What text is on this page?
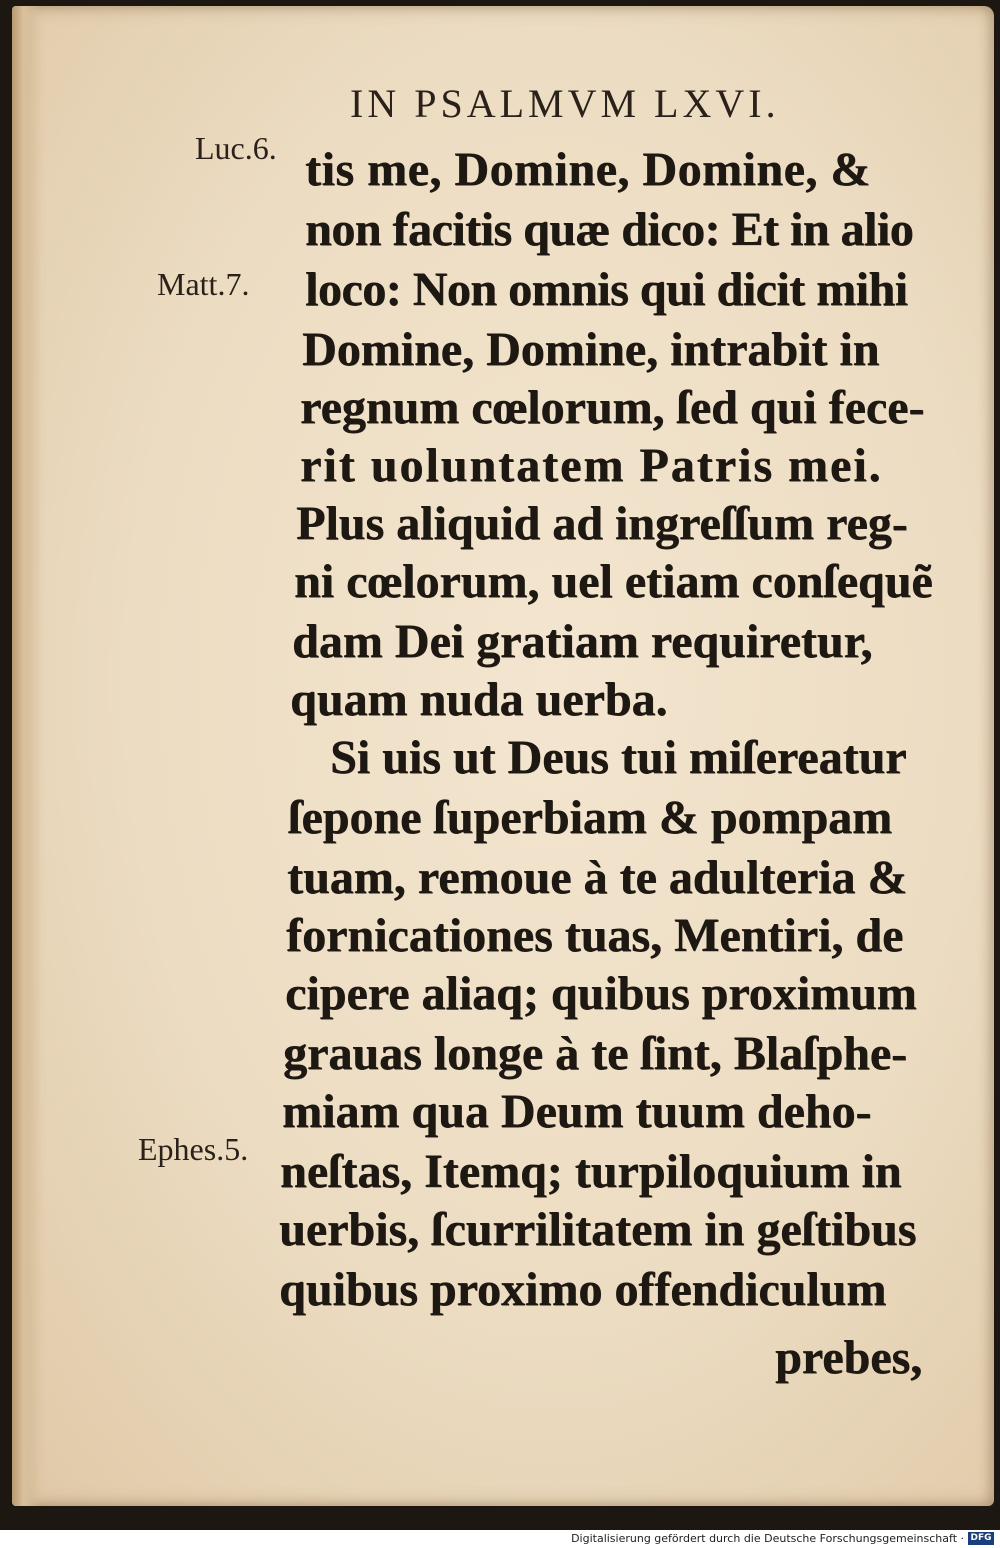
IN PSALMVM LXVI.
Luc.6.
Matt.7.
Ephes.5.
tis me, Domine, Domine, &
non facitis quæ dico: Et in alio
loco: Non omnis qui dicit mihi
Domine, Domine, intrabit in
regnum cœlorum, ſed qui fece-
rit uoluntatem Patris mei.
Plus aliquid ad ingreſſum reg-
ni cœlorum, uel etiam conſequẽ
dam Dei gratiam requiretur,
quam nuda uerba.
Si uis ut Deus tui miſereatur
ſepone ſuperbiam & pompam
tuam, remoue à te adulteria &
fornicationes tuas, Mentiri, de
cipere aliaq; quibus proximum
grauas longe à te ſint, Blaſphe-
miam qua Deum tuum deho-
neſtas, Itemq; turpiloquium in
uerbis, ſcurrilitatem in geſtibus
quibus proximo offendiculum
prebes,
Digitalisierung gefördert durch die Deutsche Forschungsgemeinschaft · DFG
